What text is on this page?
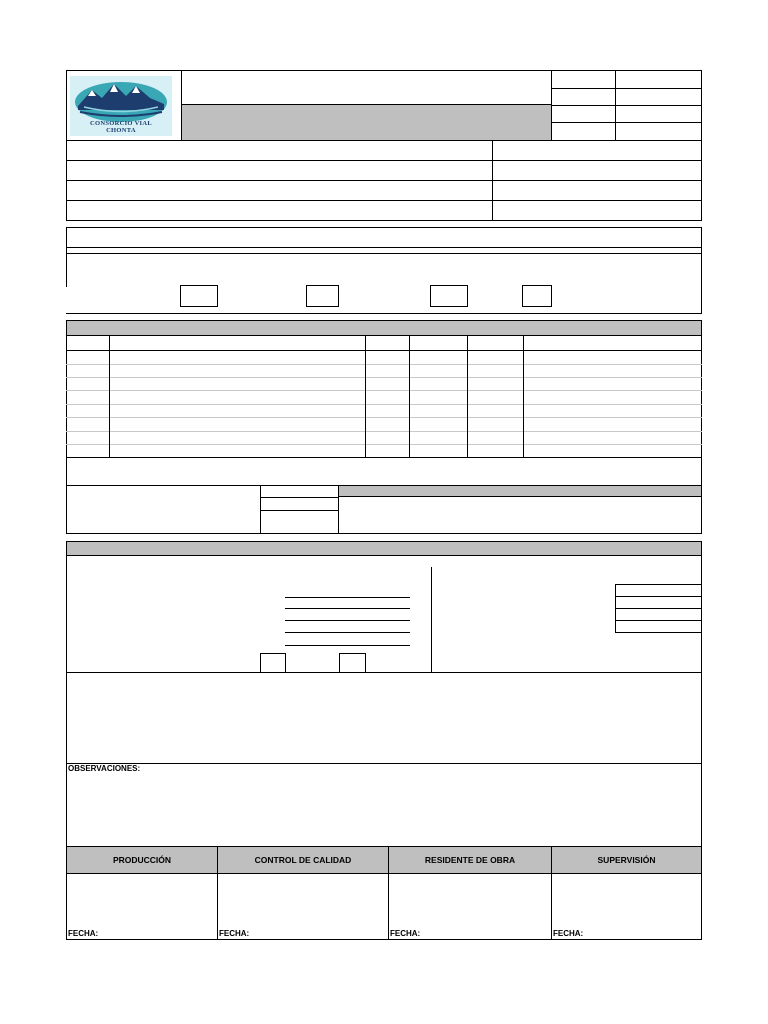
CONSORCIO VIAL
CHONTA
OBSERVACIONES:
PRODUCCIÓN	CONTROL DE CALIDAD	RESIDENTE DE OBRA	SUPERVISIÓN
FECHA:	FECHA:	FECHA:	FECHA:
